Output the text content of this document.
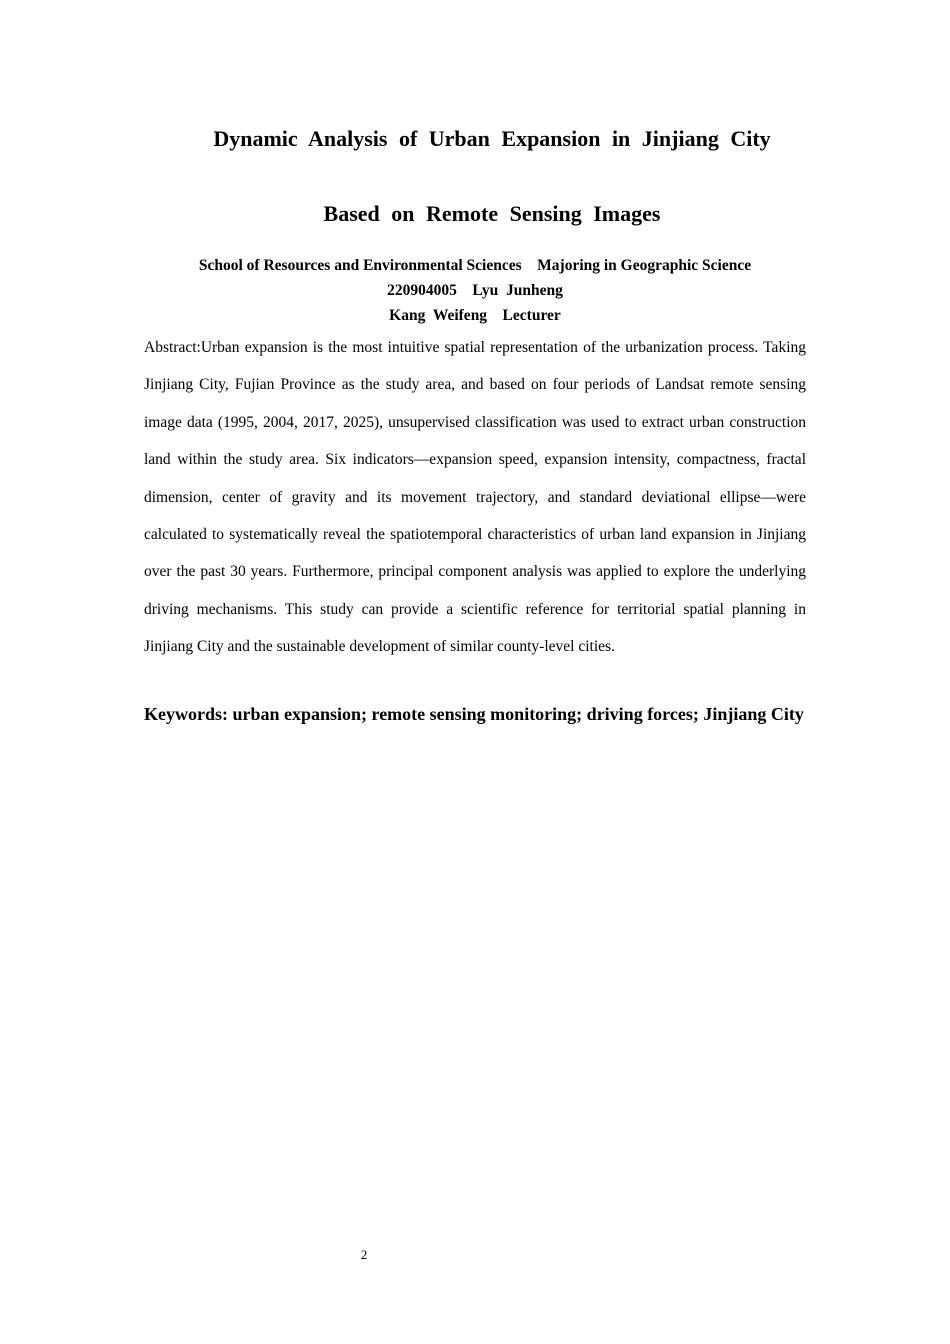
Dynamic Analysis of Urban Expansion in Jinjiang City
Based on Remote Sensing Images
School of Resources and Environmental Sciences    Majoring in Geographic Science
220904005    Lyu  Junheng
Kang  Weifeng    Lecturer

Abstract:Urban expansion is the most intuitive spatial representation of the urbanization process. Taking Jinjiang City, Fujian Province as the study area, and based on four periods of Landsat remote sensing image data (1995, 2004, 2017, 2025), unsupervised classification was used to extract urban construction land within the study area. Six indicators—expansion speed, expansion intensity, compactness, fractal dimension, center of gravity and its movement trajectory, and standard deviational ellipse—were calculated to systematically reveal the spatiotemporal characteristics of urban land expansion in Jinjiang over the past 30 years. Furthermore, principal component analysis was applied to explore the underlying driving mechanisms. This study can provide a scientific reference for territorial spatial planning in Jinjiang City and the sustainable development of similar county-level cities.

Keywords: urban expansion; remote sensing monitoring; driving forces; Jinjiang City

2
